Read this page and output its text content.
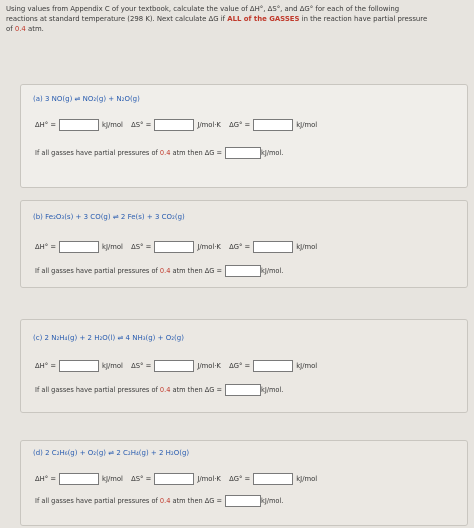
Using values from Appendix C of your textbook, calculate the value of ΔH°, ΔS°, and ΔG° for each of the following
reactions at standard temperature (298 K). Next calculate ΔG if ALL of the GASSES in the reaction have partial pressure
of 0.4 atm.
(a) 3 NO(g) ⇌ NO₂(g) + N₂O(g)
ΔH° =	kJ/mol ΔS° =	J/mol·K ΔG° =	kJ/mol
If all gasses have partial pressures of 0.4 atm then ΔG =	kJ/mol.
(b) Fe₂O₃(s) + 3 CO(g) ⇌ 2 Fe(s) + 3 CO₂(g)
ΔH° =	kJ/mol ΔS° =	J/mol·K ΔG° =	kJ/mol
If all gasses have partial pressures of 0.4 atm then ΔG =	kJ/mol.
(c) 2 N₂H₄(g) + 2 H₂O(l) ⇌ 4 NH₃(g) + O₂(g)
ΔH° =	kJ/mol ΔS° =	J/mol·K ΔG° =	kJ/mol
If all gasses have partial pressures of 0.4 atm then ΔG =	kJ/mol.
(d) 2 C₂H₆(g) + O₂(g) ⇌ 2 C₂H₄(g) + 2 H₂O(g)
ΔH° =	kJ/mol ΔS° =	J/mol·K ΔG° =	kJ/mol
If all gasses have partial pressures of 0.4 atm then ΔG =	kJ/mol.
